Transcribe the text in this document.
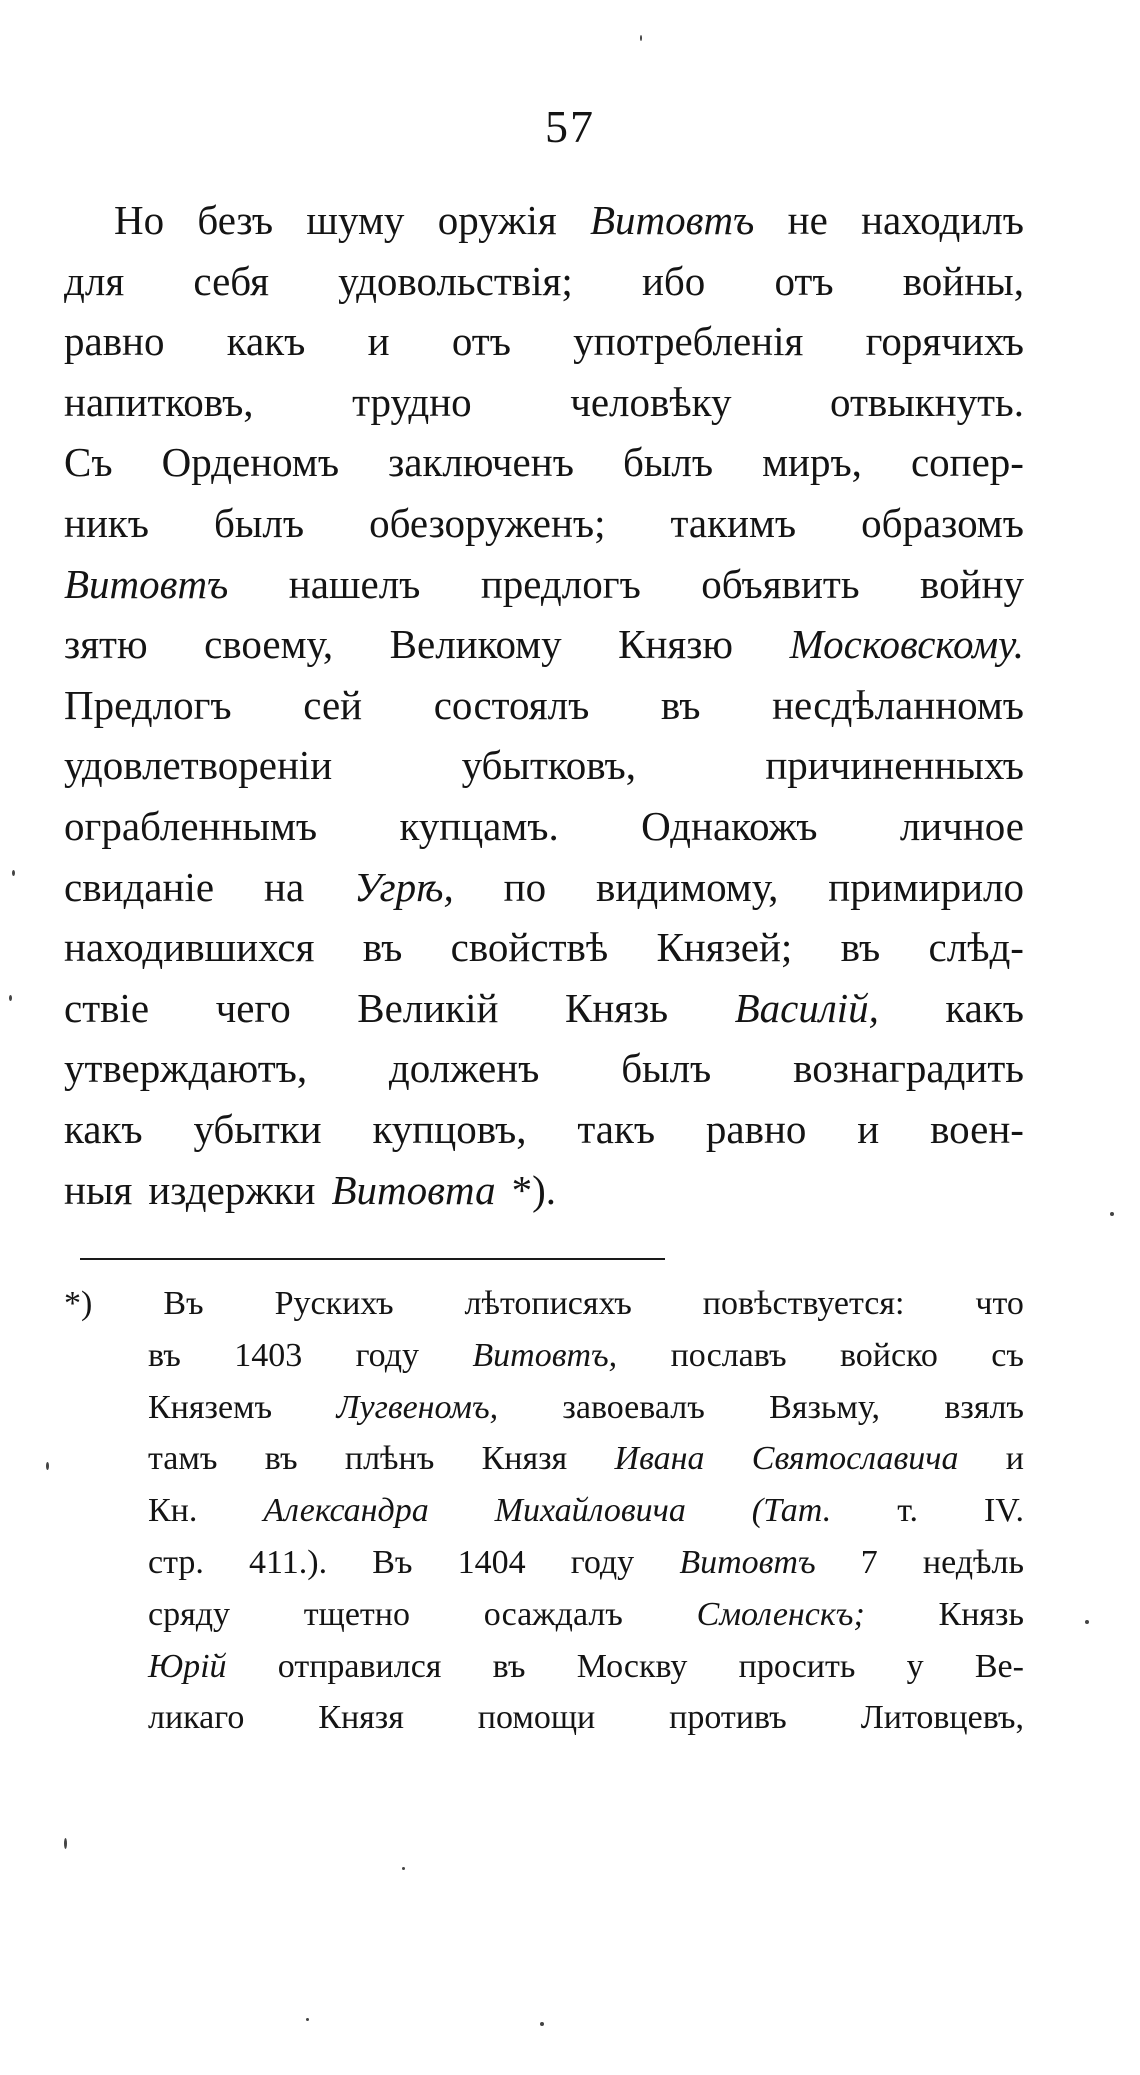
57
Но безъ шуму оружія Витовтъ не находилъ
для себя удовольствія; ибо отъ войны,
равно какъ и отъ употребленія горячихъ
напитковъ, трудно человѣку отвыкнуть.
Съ Орденомъ заключенъ былъ миръ, сопер-
никъ былъ обезоруженъ; такимъ образомъ
Витовтъ нашелъ предлогъ объявить войну
зятю своему, Великому Князю Московскому.
Предлогъ сей состоялъ въ несдѣланномъ
удовлетвореніи	убытковъ,	причиненныхъ
ограбленнымъ купцамъ. Однакожъ личное
свиданіе на Угрѣ, по видимому, примирило
находившихся въ свойствѣ Князей; въ слѣд-
ствіе чего Великій Князь Василій, какъ
утверждаютъ, долженъ былъ вознаградить
какъ убытки купцовъ, такъ равно и воен-
ныя издержки Витовта *).
*) Въ Рускихъ лѣтописяхъ повѣствуется: что
въ 1403 году Витовтъ, пославъ войско съ
Княземъ Лугвеномъ, завоевалъ Вязьму, взялъ
тамъ въ плѣнъ Князя Ивана Святославича и
Кн. Александра Михайловича (Тат. т. IV.
стр. 411.). Въ 1404 году Витовтъ 7 недѣль
сряду тщетно осаждалъ Смоленскъ; Князь
Юрій отправился въ Москву просить у Ве-
ликаго Князя помощи противъ Литовцевъ,
